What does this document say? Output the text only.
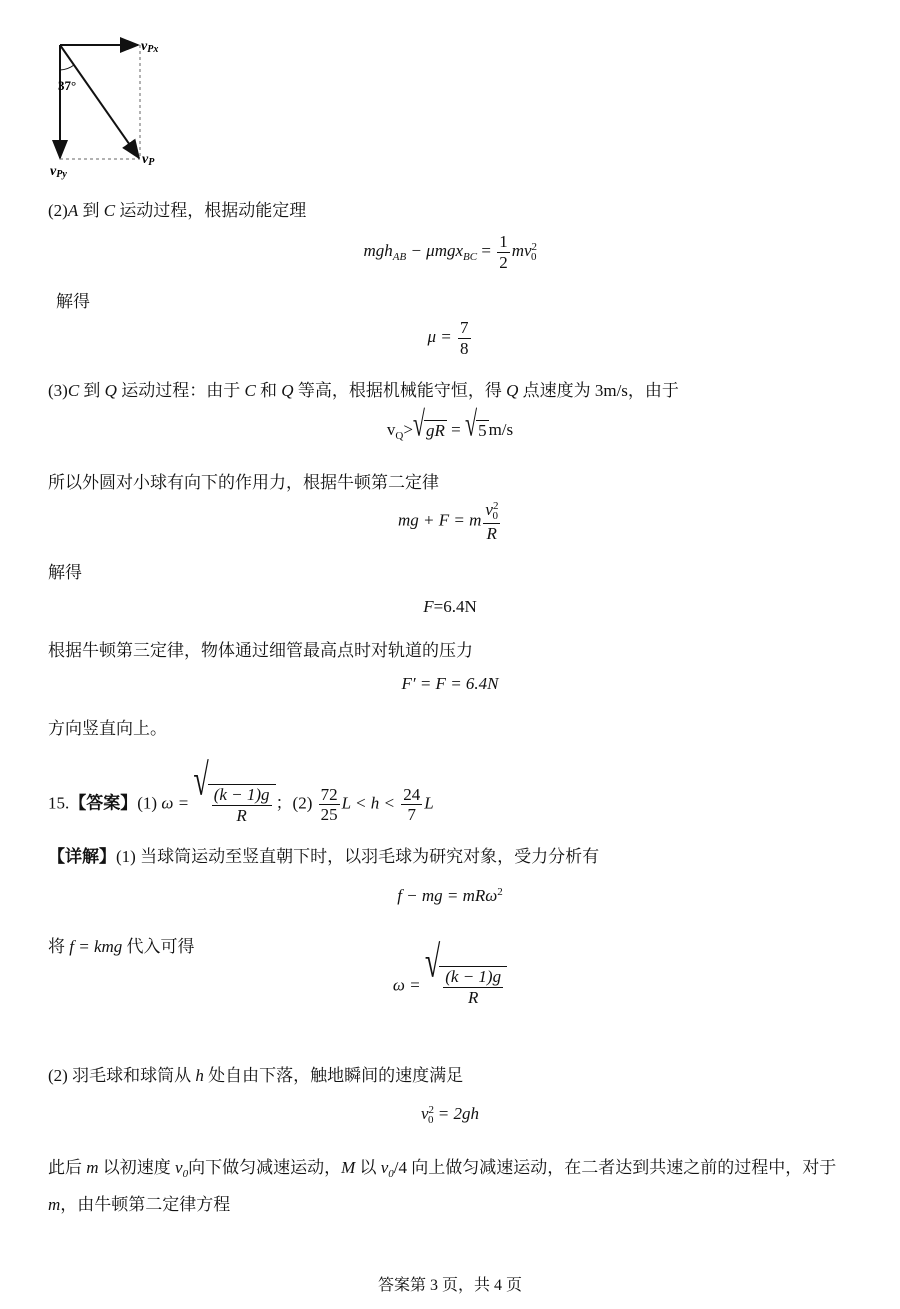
vPx
37°
vPy
vP
(2)A 到 C 运动过程，根据动能定理
$mgh_{AB} - \mu mgx_{BC} = \frac{1}{2} mv^2_0$
解得
$\mu = \frac{7}{8}$
(3)C 到 Q 运动过程：由于 C 和 Q 等高，根据机械能守恒，得 Q 点速度为 3m/s，由于
$v_Q>$ √ gR = √ 5 m/s
所以外圆对小球有向下的作用力，根据牛顿第二定律
mg + F = m $\frac{v^2_0}{R}$
解得
F=6.4N
根据牛顿第三定律，物体通过细管最高点时对轨道的压力
F′ = F = 6.4N
方向竖直向上。
15.【答案】(1) ω = √ $\frac{(k - 1)g}{R}$ ；$(2) \frac{72}{25}$ $L < h < \frac{24}{7}$ L
【详解】(1) 当球筒运动至竖直朝下时，以羽毛球为研究对象，受力分析有
f − mg = mRω$^2$
将 f = kmg 代入可得
ω = √ $\frac{(k - 1)g}{R}$
(2) 羽毛球和球筒从 h 处自由下落，触地瞬间的速度满足
$v^2_0 = 2gh$
此后 m 以初速度 $v_0$向下做匀减速运动，M 以 $v_0/4$ 向上做匀减速运动，在二者达到共速之前的过程中，对于
m，由牛顿第二定律方程
答案第 3 页，共 4 页
